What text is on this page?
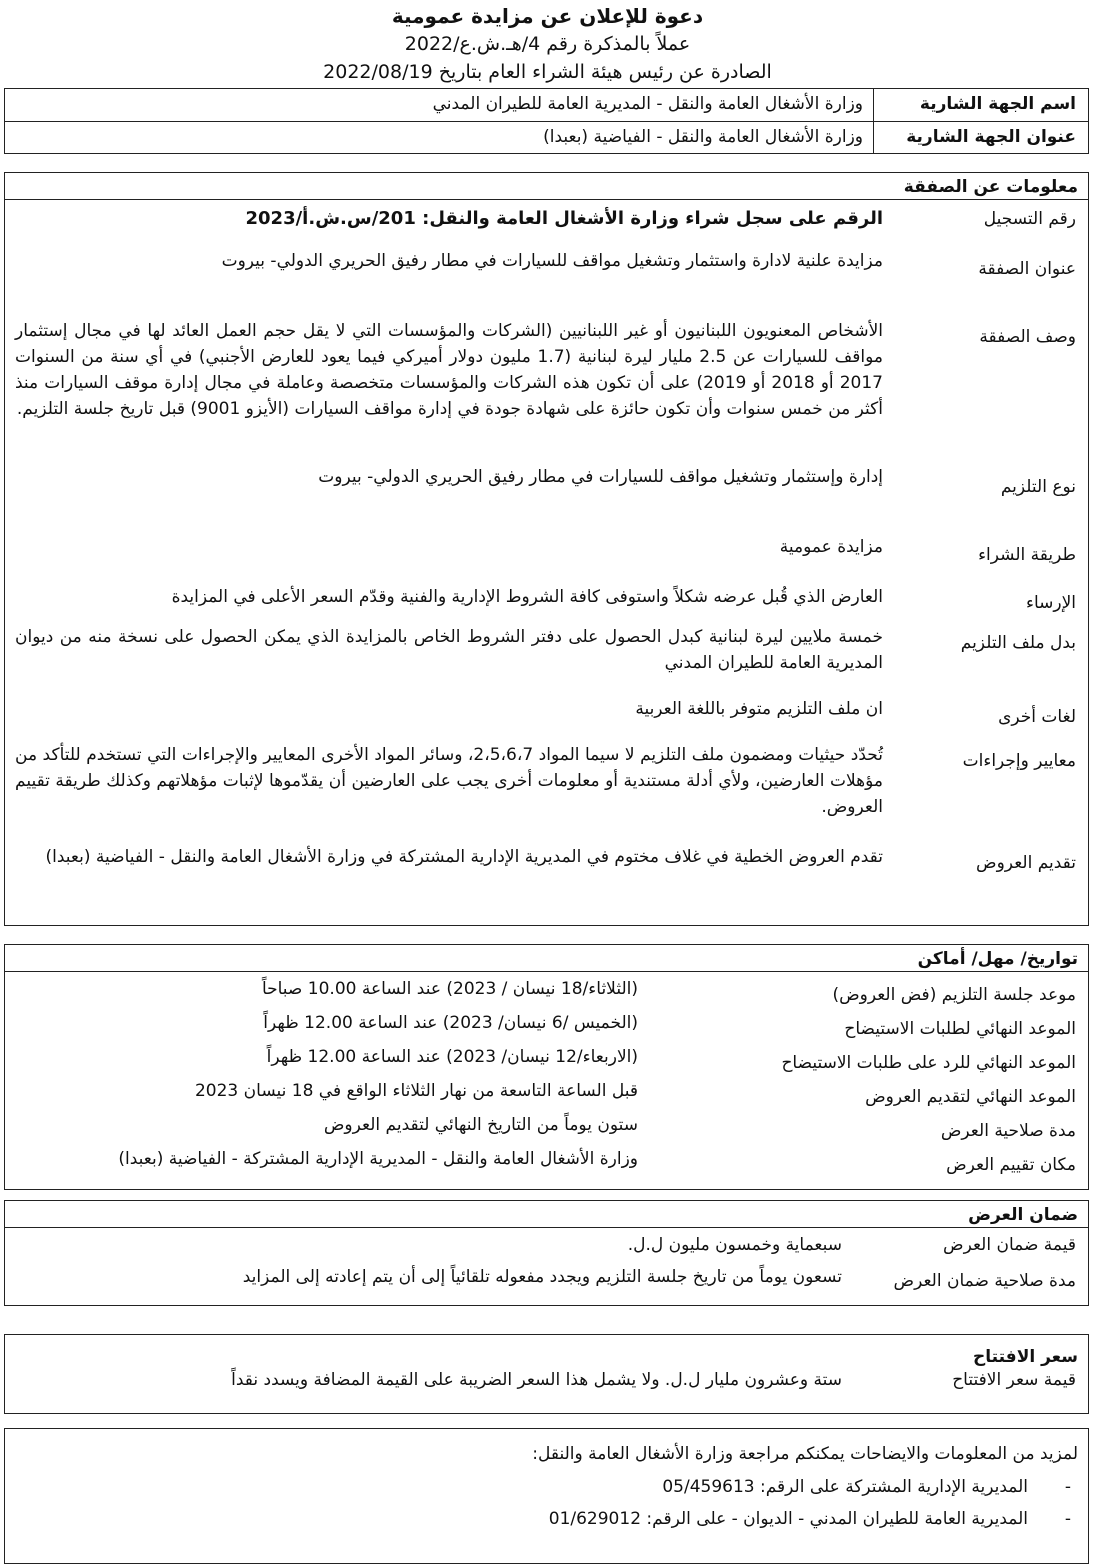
دعوة للإعلان عن مزايدة عمومية
عملاً بالمذكرة رقم 4/هـ.ش.ع/2022
الصادرة عن رئيس هيئة الشراء العام بتاريخ 2022/08/19
اسم الجهة الشارية
وزارة الأشغال العامة والنقل - المديرية العامة للطيران المدني
عنوان الجهة الشارية
وزارة الأشغال العامة والنقل - الفياضية (بعبدا)
معلومات عن الصفقة
رقم التسجيل
الرقم على سجل شراء وزارة الأشغال العامة والنقل: 201/س.ش.أ/2023
عنوان الصفقة
مزايدة علنية لادارة واستثمار وتشغيل مواقف للسيارات في مطار رفيق الحريري الدولي- بيروت
وصف الصفقة
الأشخاص المعنويون اللبنانيون أو غير اللبنانيين (الشركات والمؤسسات التي لا يقل حجم العمل العائد لها في مجال إستثمار مواقف للسيارات عن 2.5 مليار ليرة لبنانية (1.7 مليون دولار أميركي فيما يعود للعارض الأجنبي) في أي سنة من السنوات 2017 أو 2018 أو 2019) على أن تكون هذه الشركات والمؤسسات متخصصة وعاملة في مجال إدارة موقف السيارات منذ أكثر من خمس سنوات وأن تكون حائزة على شهادة جودة في إدارة مواقف السيارات (الأيزو 9001) قبل تاريخ جلسة التلزيم.
نوع التلزيم
إدارة وإستثمار وتشغيل مواقف للسيارات في مطار رفيق الحريري الدولي- بيروت
طريقة الشراء
مزايدة عمومية
الإرساء
العارض الذي قُبل عرضه شكلاً واستوفى كافة الشروط الإدارية والفنية وقدّم السعر الأعلى في المزايدة
بدل ملف التلزيم
خمسة ملايين ليرة لبنانية كبدل الحصول على دفتر الشروط الخاص بالمزايدة الذي يمكن الحصول على نسخة منه من ديوان المديرية العامة للطيران المدني
لغات أخرى
ان ملف التلزيم متوفر باللغة العربية
معايير وإجراءات
تُحدّد حيثيات ومضمون ملف التلزيم لا سيما المواد 2،5،6،7، وسائر المواد الأخرى المعايير والإجراءات التي تستخدم للتأكد من مؤهلات العارضين، ولأي أدلة مستندية أو معلومات أخرى يجب على العارضين أن يقدّموها لإثبات مؤهلاتهم وكذلك طريقة تقييم العروض.
تقديم العروض
تقدم العروض الخطية في غلاف مختوم في المديرية الإدارية المشتركة في وزارة الأشغال العامة والنقل - الفياضية (بعبدا)
تواريخ/ مهل/ أماكن
موعد جلسة التلزيم (فض العروض)
(الثلاثاء/18 نيسان / 2023) عند الساعة 10.00 صباحاً
الموعد النهائي لطلبات الاستيضاح
(الخميس /6 نيسان/ 2023) عند الساعة 12.00 ظهراً
الموعد النهائي للرد على طلبات الاستيضاح
(الاربعاء/12 نيسان/ 2023) عند الساعة 12.00 ظهراً
الموعد النهائي لتقديم العروض
قبل الساعة التاسعة من نهار الثلاثاء الواقع في 18 نيسان 2023
مدة صلاحية العرض
ستون يوماً من التاريخ النهائي لتقديم العروض
مكان تقييم العرض
وزارة الأشغال العامة والنقل - المديرية الإدارية المشتركة - الفياضية (بعبدا)
ضمان العرض
قيمة ضمان العرض
سبعماية وخمسون مليون ل.ل.
مدة صلاحية ضمان العرض
تسعون يوماً من تاريخ جلسة التلزيم ويجدد مفعوله تلقائياً إلى أن يتم إعادته إلى المزايد
سعر الافتتاح
قيمة سعر الافتتاح
ستة وعشرون مليار ل.ل. ولا يشمل هذا السعر الضريبة على القيمة المضافة ويسدد نقداً
لمزيد من المعلومات والايضاحات يمكنكم مراجعة وزارة الأشغال العامة والنقل:
-
المديرية الإدارية المشتركة على الرقم: 05/459613
-
المديرية العامة للطيران المدني - الديوان - على الرقم: 01/629012
